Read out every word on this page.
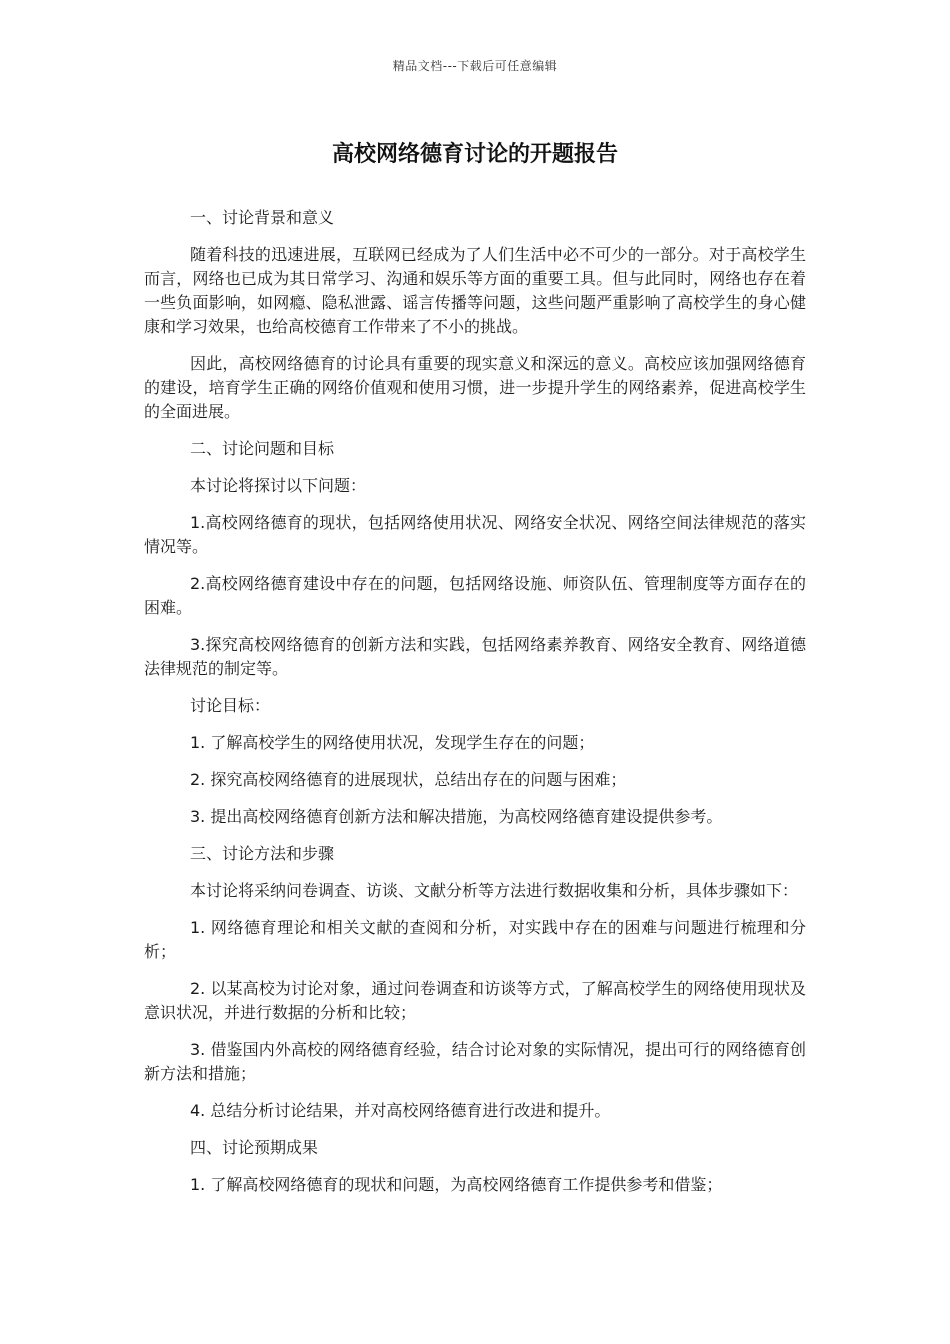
精品文档---下载后可任意编辑
高校网络德育讨论的开题报告

一、讨论背景和意义

随着科技的迅速进展，互联网已经成为了人们生活中必不可少的一部分。对于高校学生而言，网络也已成为其日常学习、沟通和娱乐等方面的重要工具。但与此同时，网络也存在着一些负面影响，如网瘾、隐私泄露、谣言传播等问题，这些问题严重影响了高校学生的身心健康和学习效果，也给高校德育工作带来了不小的挑战。

因此，高校网络德育的讨论具有重要的现实意义和深远的意义。高校应该加强网络德育的建设，培育学生正确的网络价值观和使用习惯，进一步提升学生的网络素养，促进高校学生的全面进展。

二、讨论问题和目标

本讨论将探讨以下问题：

1.高校网络德育的现状，包括网络使用状况、网络安全状况、网络空间法律规范的落实情况等。

2.高校网络德育建设中存在的问题，包括网络设施、师资队伍、管理制度等方面存在的困难。

3.探究高校网络德育的创新方法和实践，包括网络素养教育、网络安全教育、网络道德法律规范的制定等。

讨论目标：

1. 了解高校学生的网络使用状况，发现学生存在的问题；

2. 探究高校网络德育的进展现状，总结出存在的问题与困难；

3. 提出高校网络德育创新方法和解决措施，为高校网络德育建设提供参考。

三、讨论方法和步骤

本讨论将采纳问卷调查、访谈、文献分析等方法进行数据收集和分析，具体步骤如下：

1. 网络德育理论和相关文献的查阅和分析，对实践中存在的困难与问题进行梳理和分析；

2. 以某高校为讨论对象，通过问卷调查和访谈等方式，了解高校学生的网络使用现状及意识状况，并进行数据的分析和比较；

3. 借鉴国内外高校的网络德育经验，结合讨论对象的实际情况，提出可行的网络德育创新方法和措施；

4. 总结分析讨论结果，并对高校网络德育进行改进和提升。

四、讨论预期成果

1. 了解高校网络德育的现状和问题，为高校网络德育工作提供参考和借鉴；
